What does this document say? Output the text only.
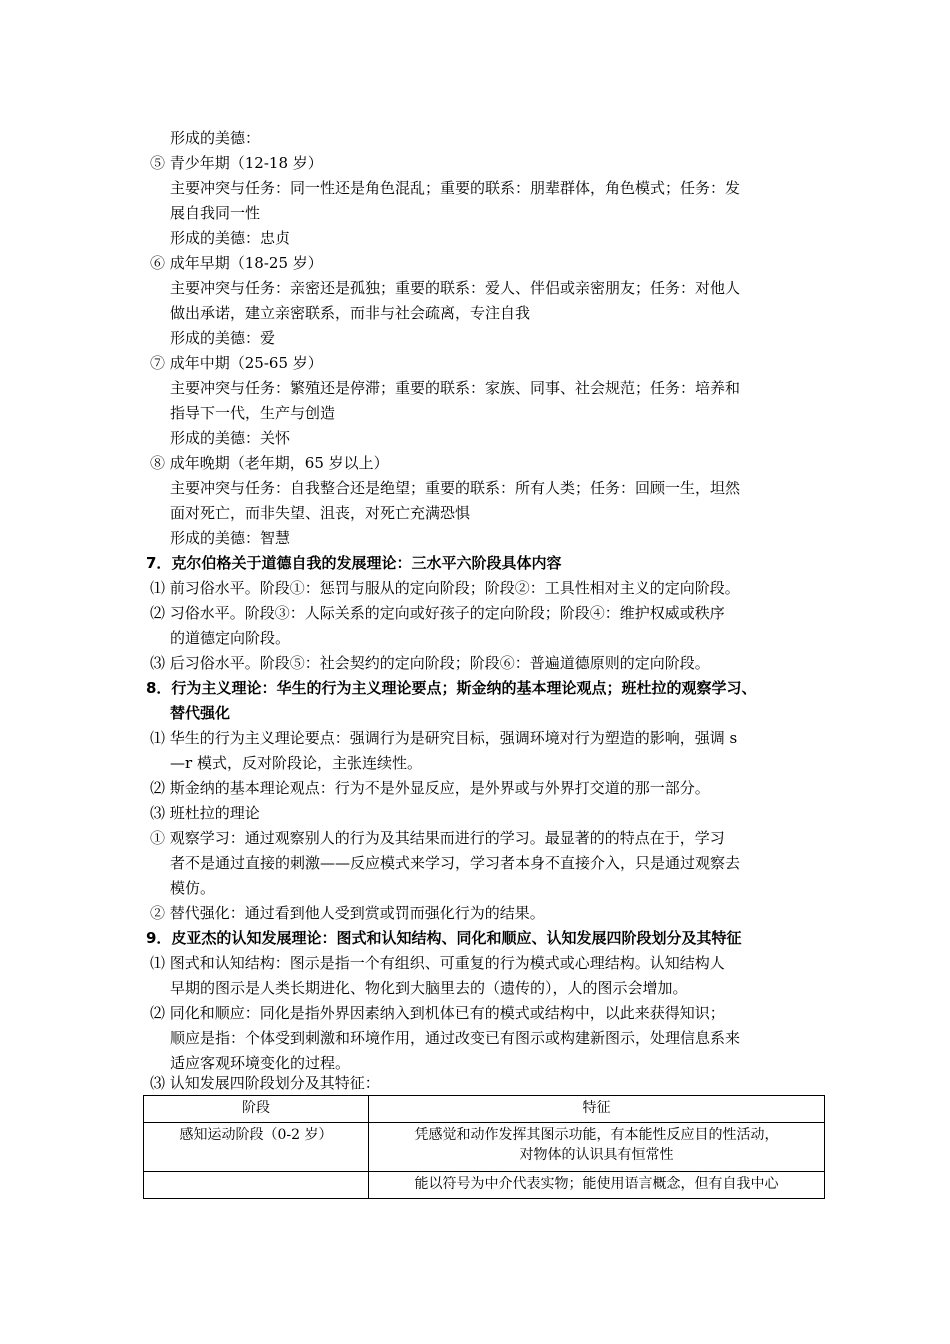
形成的美德：
⑤ 青少年期（12-18 岁）
主要冲突与任务：同一性还是角色混乱；重要的联系：朋辈群体，角色模式；任务：发
展自我同一性
形成的美德：忠贞
⑥ 成年早期（18-25 岁）
主要冲突与任务：亲密还是孤独；重要的联系：爱人、伴侣或亲密朋友；任务：对他人
做出承诺，建立亲密联系，而非与社会疏离，专注自我
形成的美德：爱
⑦ 成年中期（25-65 岁）
主要冲突与任务：繁殖还是停滞；重要的联系：家族、同事、社会规范；任务：培养和
指导下一代，生产与创造
形成的美德：关怀
⑧ 成年晚期（老年期，65 岁以上）
主要冲突与任务：自我整合还是绝望；重要的联系：所有人类；任务：回顾一生，坦然
面对死亡，而非失望、沮丧，对死亡充满恐惧
形成的美德：智慧
7．克尔伯格关于道德自我的发展理论：三水平六阶段具体内容
⑴ 前习俗水平。阶段①：惩罚与服从的定向阶段；阶段②：工具性相对主义的定向阶段。
⑵ 习俗水平。阶段③：人际关系的定向或好孩子的定向阶段；阶段④：维护权威或秩序
的道德定向阶段。
⑶ 后习俗水平。阶段⑤：社会契约的定向阶段；阶段⑥：普遍道德原则的定向阶段。
8．行为主义理论：华生的行为主义理论要点；斯金纳的基本理论观点；班杜拉的观察学习、
替代强化
⑴ 华生的行为主义理论要点：强调行为是研究目标，强调环境对行为塑造的影响，强调 s
—r 模式，反对阶段论，主张连续性。
⑵ 斯金纳的基本理论观点：行为不是外显反应，是外界或与外界打交道的那一部分。
⑶ 班杜拉的理论
① 观察学习：通过观察别人的行为及其结果而进行的学习。最显著的的特点在于，学习
者不是通过直接的刺激——反应模式来学习，学习者本身不直接介入，只是通过观察去
模仿。
② 替代强化：通过看到他人受到赏或罚而强化行为的结果。
9．皮亚杰的认知发展理论：图式和认知结构、同化和顺应、认知发展四阶段划分及其特征
⑴ 图式和认知结构：图示是指一个有组织、可重复的行为模式或心理结构。认知结构人
早期的图示是人类长期进化、物化到大脑里去的（遗传的），人的图示会增加。
⑵ 同化和顺应：同化是指外界因素纳入到机体已有的模式或结构中，以此来获得知识；
顺应是指：个体受到刺激和环境作用，通过改变已有图示或构建新图示，处理信息系来
适应客观环境变化的过程。
⑶ 认知发展四阶段划分及其特征：
阶段	特征
感知运动阶段（0-2 岁）	凭感觉和动作发挥其图示功能，有本能性反应目的性活动，
对物体的认识具有恒常性

	能以符号为中介代表实物；能使用语言概念，但有自我中心
